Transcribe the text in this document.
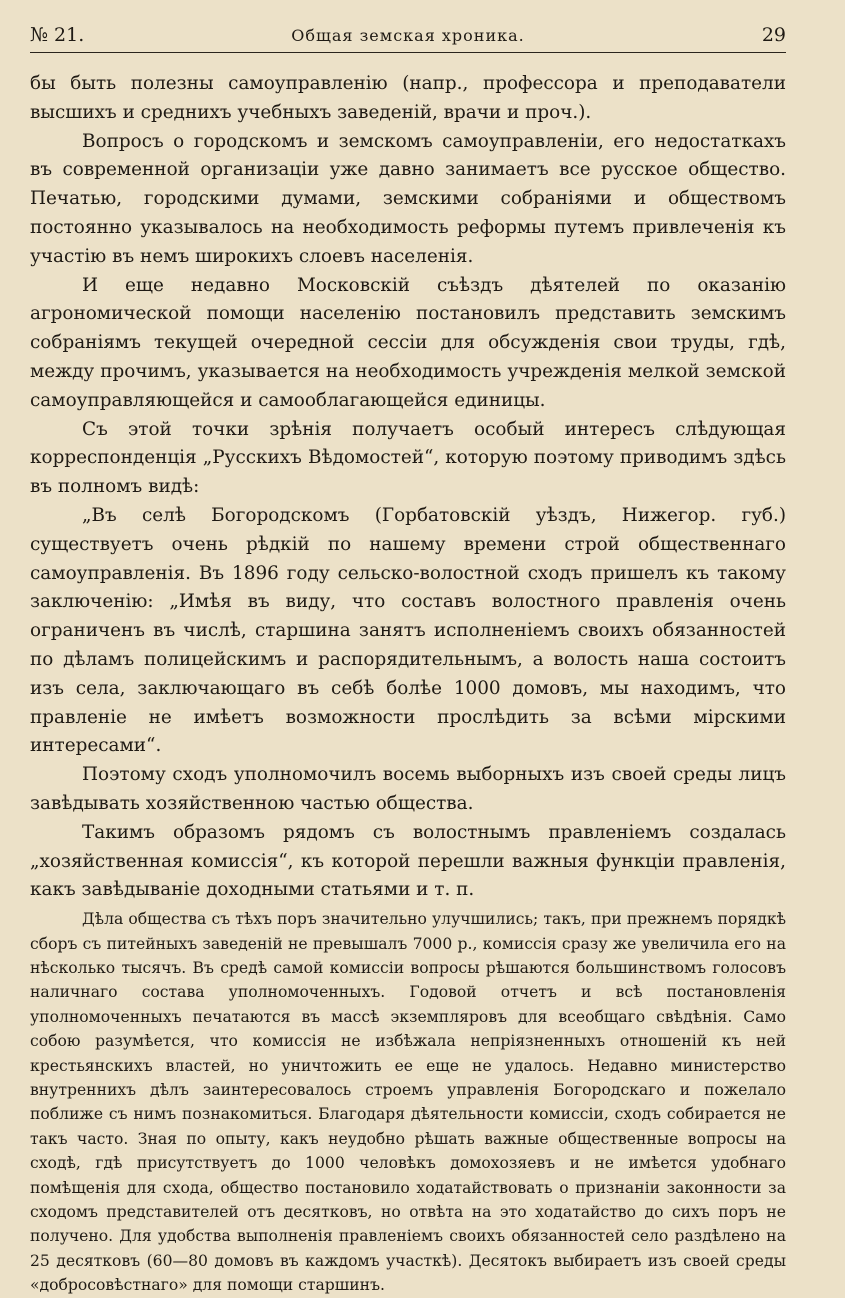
№ 21.	Общая земская хроника.	29

бы быть полезны самоуправленію (напр., профессора и преподаватели высшихъ и среднихъ учебныхъ заведеній, врачи и проч.).

Вопросъ о городскомъ и земскомъ самоуправленіи, его недостаткахъ въ современной организаціи уже давно занимаетъ все русское общество. Печатью, городскими думами, земскими собраніями и обществомъ постоянно указывалось на необходимость реформы путемъ привлеченія къ участію въ немъ широкихъ слоевъ населенія.

И еще недавно Московскій съѣздъ дѣятелей по оказанію агрономической помощи населенію постановилъ представить земскимъ собраніямъ текущей очередной сессіи для обсужденія свои труды, гдѣ, между прочимъ, указывается на необходимость учрежденія мелкой земской самоуправляющейся и самооблагающейся единицы.

Съ этой точки зрѣнія получаетъ особый интересъ слѣдующая корреспонденція „Русскихъ Вѣдомостей“, которую поэтому приводимъ здѣсь въ полномъ видѣ:

„Въ селѣ Богородскомъ (Горбатовскій уѣздъ, Нижегор. губ.) существуетъ очень рѣдкій по нашему времени строй общественнаго самоуправленія. Въ 1896 году сельско-волостной сходъ пришелъ къ такому заключенію: „Имѣя въ виду, что составъ волостного правленія очень ограниченъ въ числѣ, старшина занятъ исполненіемъ своихъ обязанностей по дѣламъ полицейскимъ и распорядительнымъ, а волость наша состоитъ изъ села, заключающаго въ себѣ болѣе 1000 домовъ, мы находимъ, что правленіе не имѣетъ возможности прослѣдить за всѣми мірскими интересами“.

Поэтому сходъ уполномочилъ восемь выборныхъ изъ своей среды лицъ завѣдывать хозяйственною частью общества.

Такимъ образомъ рядомъ съ волостнымъ правленіемъ создалась „хозяйственная комиссія“, къ которой перешли важныя функціи правленія, какъ завѣдываніе доходными статьями и т. п.

Дѣла общества съ тѣхъ поръ значительно улучшились; такъ, при прежнемъ порядкѣ сборъ съ питейныхъ заведеній не превышалъ 7000 р., комиссія сразу же увеличила его на нѣсколько тысячъ. Въ средѣ самой комиссіи вопросы рѣшаются большинствомъ голосовъ наличнаго состава уполномоченныхъ. Годовой отчетъ и всѣ постановленія уполномоченныхъ печатаются въ массѣ экземпляровъ для всеобщаго свѣдѣнія. Само собою разумѣется, что комиссія не избѣжала непріязненныхъ отношеній къ ней крестьянскихъ властей, но уничтожить ее еще не удалось. Недавно министерство внутреннихъ дѣлъ заинтересовалось строемъ управленія Богородскаго и пожелало поближе съ нимъ познакомиться. Благодаря дѣятельности комиссіи, сходъ собирается не такъ часто. Зная по опыту, какъ неудобно рѣшать важные общественные вопросы на сходѣ, гдѣ присутствуетъ до 1000 человѣкъ домохозяевъ и не имѣется удобнаго помѣщенія для схода, общество постановило ходатайствовать о признаніи законности за сходомъ представителей отъ десятковъ, но отвѣта на это ходатайство до сихъ поръ не получено. Для удобства выполненія правленіемъ своихъ обязанностей село раздѣлено на 25 десятковъ (60—80 домовъ въ каждомъ участкѣ). Десятокъ выбираетъ изъ своей среды «добросовѣстнаго» для помощи старшинъ.
